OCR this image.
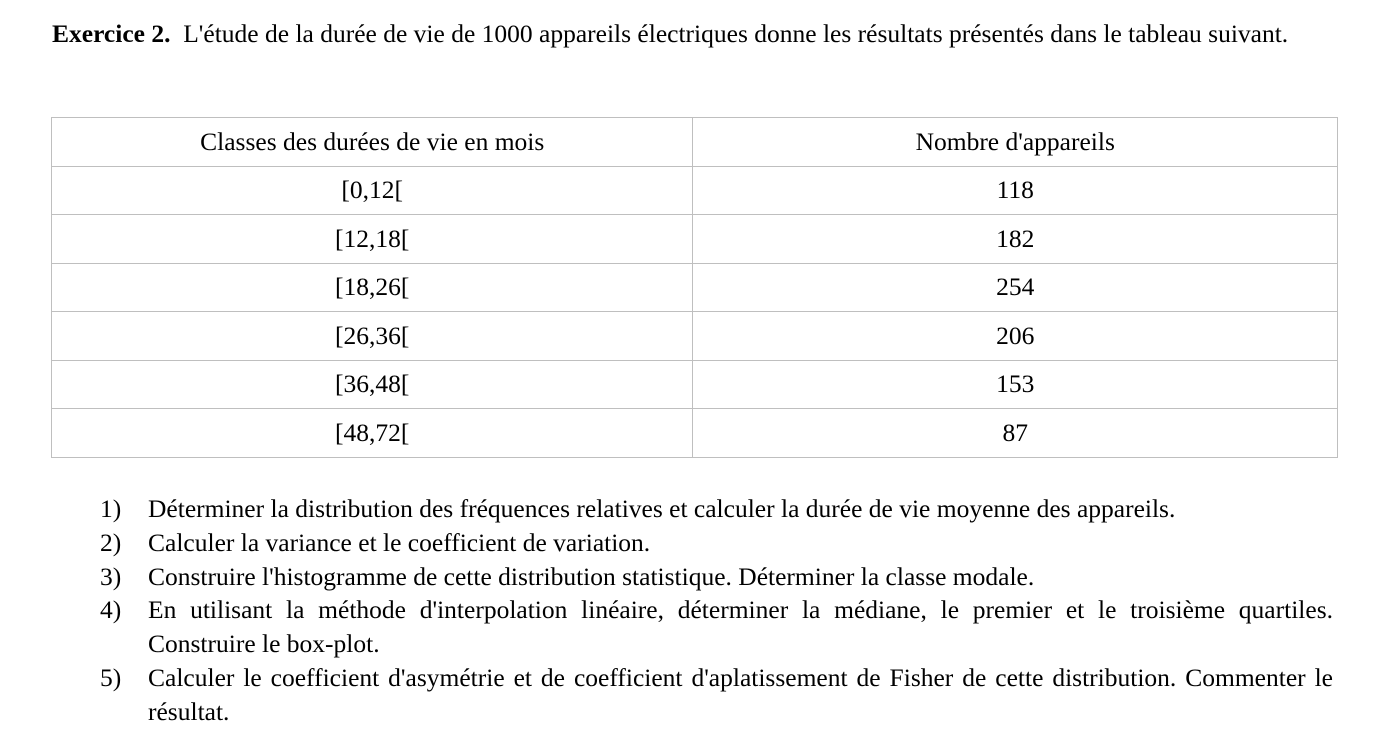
Exercice 2. L'étude de la durée de vie de 1000 appareils électriques donne les résultats présentés dans le tableau suivant.

Classes des durées de vie en mois	Nombre d'appareils
[0,12[	118
[12,18[	182
[18,26[	254
[26,36[	206
[36,48[	153
[48,72[	87
1) Déterminer la distribution des fréquences relatives et calculer la durée de vie moyenne des appareils.
2) Calculer la variance et le coefficient de variation.
3) Construire l'histogramme de cette distribution statistique. Déterminer la classe modale.
4) En utilisant la méthode d'interpolation linéaire, déterminer la médiane, le premier et le troisième quartiles. Construire le box-plot.
5) Calculer le coefficient d'asymétrie et de coefficient d'aplatissement de Fisher de cette distribution. Commenter le résultat.
